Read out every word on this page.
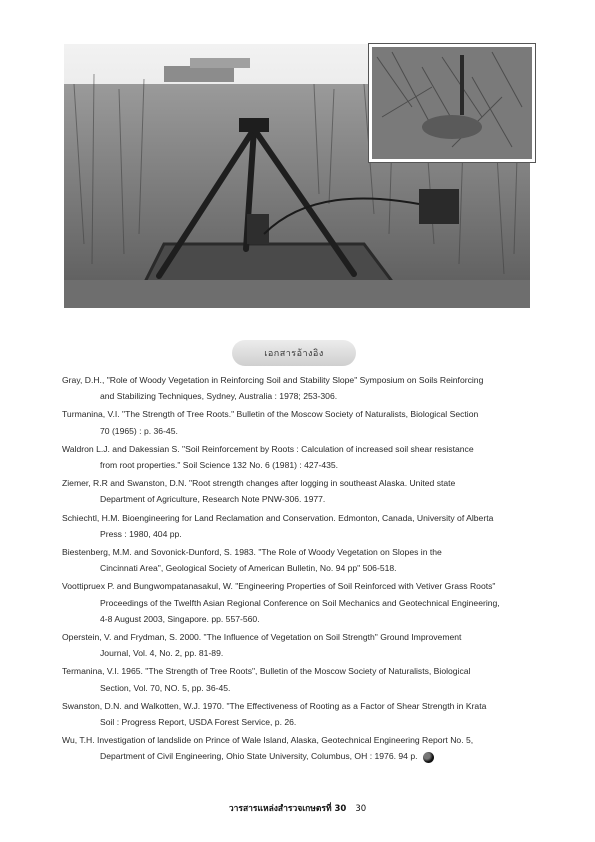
เอกสารอ้างอิง

Gray, D.H., "Role of Woody Vegetation in Reinforcing Soil and Stability Slope" Symposium on Soils Reinforcing
and Stabilizing Techniques, Sydney, Australia : 1978; 253-306.

Turmanina, V.I. "The Strength of Tree Roots." Bulletin of the Moscow Society of Naturalists, Biological Section
70 (1965) : p. 36-45.

Waldron L.J. and Dakessian S. "Soil Reinforcement by Roots : Calculation of increased soil shear resistance
from root properties." Soil Science 132 No. 6 (1981) : 427-435.

Ziemer, R.R and Swanston, D.N. "Root strength changes after logging in southeast Alaska. United state
Department of Agriculture, Research Note PNW-306. 1977.

Schiechtl, H.M. Bioengineering for Land Reclamation and Conservation. Edmonton, Canada, University of Alberta
Press : 1980, 404 pp.

Biestenberg, M.M. and Sovonick-Dunford, S. 1983. "The Role of Woody Vegetation on Slopes in the
Cincinnati Area", Geological Society of American Bulletin, No. 94 pp" 506-518.

Voottipruex P. and Bungwompatanasakul, W. "Engineering Properties of Soil Reinforced with Vetiver Grass Roots"
Proceedings of the Twelfth Asian Regional Conference on Soil Mechanics and Geotechnical Engineering,
4-8 August 2003, Singapore. pp. 557-560.

Operstein, V. and Frydman, S. 2000. "The Influence of Vegetation on Soil Strength" Ground Improvement
Journal, Vol. 4, No. 2, pp. 81-89.

Termanina, V.I. 1965. "The Strength of Tree Roots", Bulletin of the Moscow Society of Naturalists, Biological
Section, Vol. 70, NO. 5, pp. 36-45.

Swanston, D.N. and Walkotten, W.J. 1970. "The Effectiveness of Rooting as a Factor of Shear Strength in Krata
Soil : Progress Report, USDA Forest Service, p. 26.

Wu, T.H. Investigation of landslide on Prince of Wale Island, Alaska, Geotechnical Engineering Report No. 5,
Department of Civil Engineering, Ohio State University, Columbus, OH : 1976. 94 p.

วารสารแหล่งสำรวจเกษตรที่ 30 30
